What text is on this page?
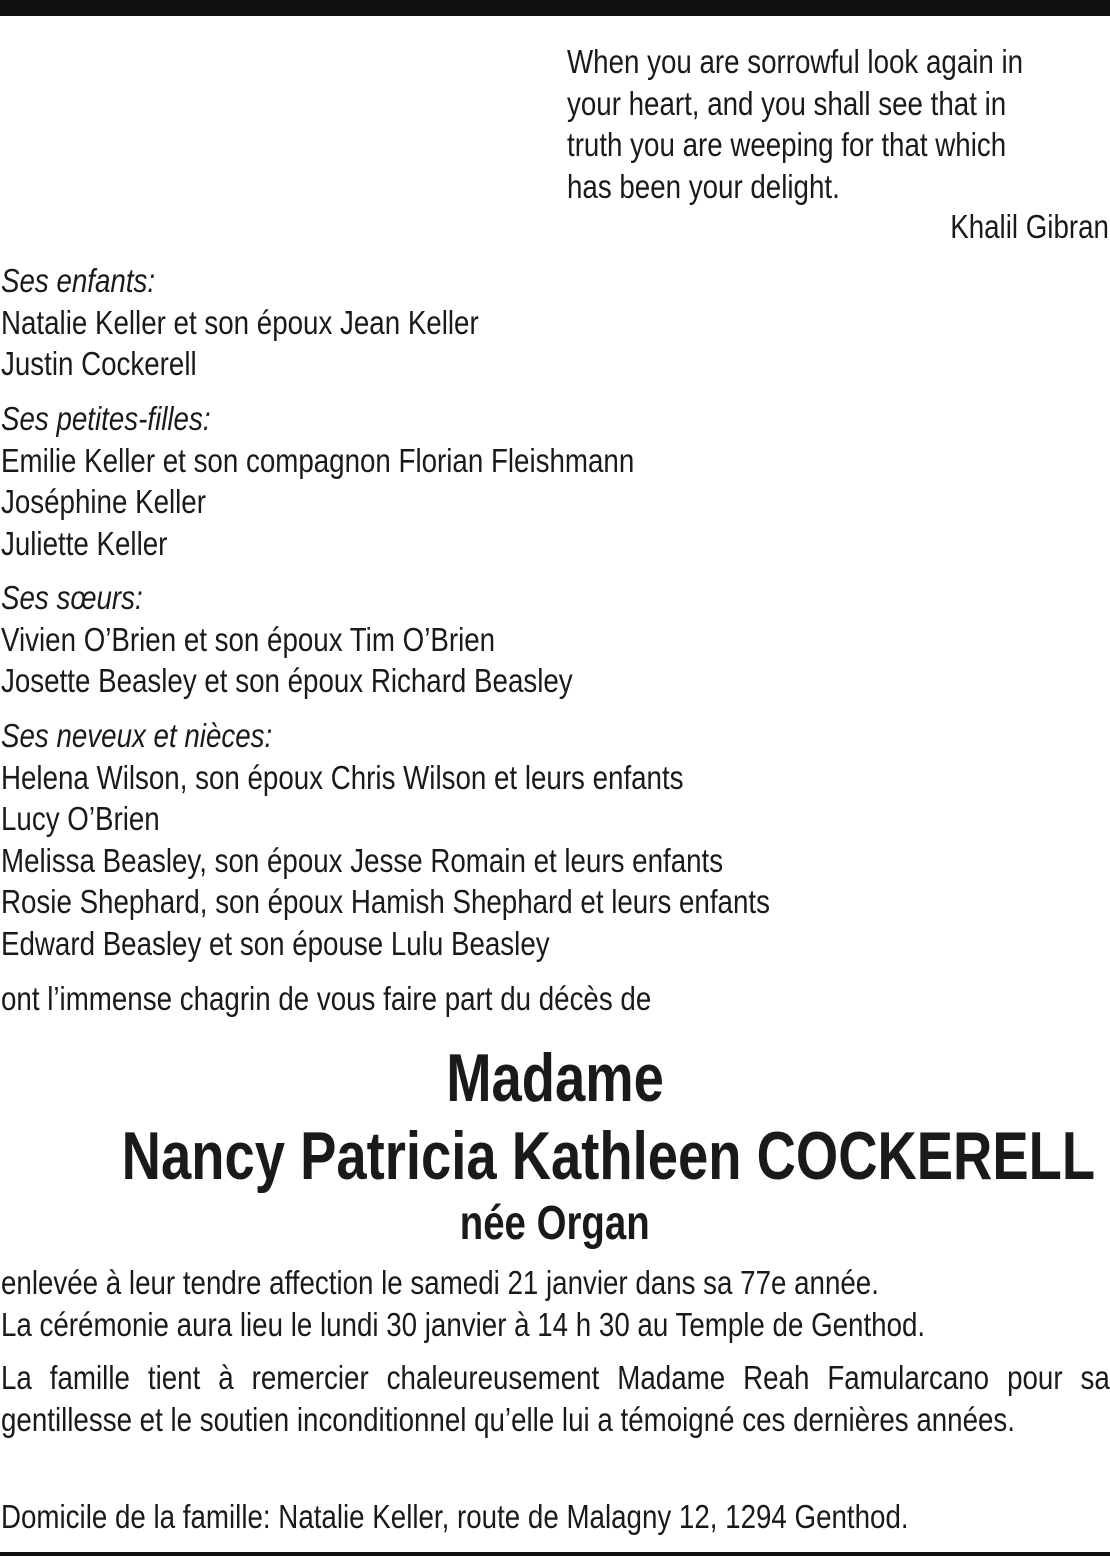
When you are sorrowful look again in
your heart, and you shall see that in
truth you are weeping for that which
has been your delight.
Khalil Gibran
Ses enfants:
Natalie Keller et son époux Jean Keller
Justin Cockerell
Ses petites-filles:
Emilie Keller et son compagnon Florian Fleishmann
Joséphine Keller
Juliette Keller
Ses sœurs:
Vivien O’Brien et son époux Tim O’Brien
Josette Beasley et son époux Richard Beasley
Ses neveux et nièces:
Helena Wilson, son époux Chris Wilson et leurs enfants
Lucy O’Brien
Melissa Beasley, son époux Jesse Romain et leurs enfants
Rosie Shephard, son époux Hamish Shephard et leurs enfants
Edward Beasley et son épouse Lulu Beasley
ont l’immense chagrin de vous faire part du décès de
Madame
Nancy Patricia Kathleen COCKERELL
née Organ
enlevée à leur tendre affection le samedi 21 janvier dans sa 77e année.
La cérémonie aura lieu le lundi 30 janvier à 14 h 30 au Temple de Genthod.
La famille tient à remercier chaleureusement Madame Reah Famularcano pour sa gentillesse et le soutien inconditionnel qu’elle lui a témoigné ces dernières années.
Domicile de la famille: Natalie Keller, route de Malagny 12, 1294 Genthod.
